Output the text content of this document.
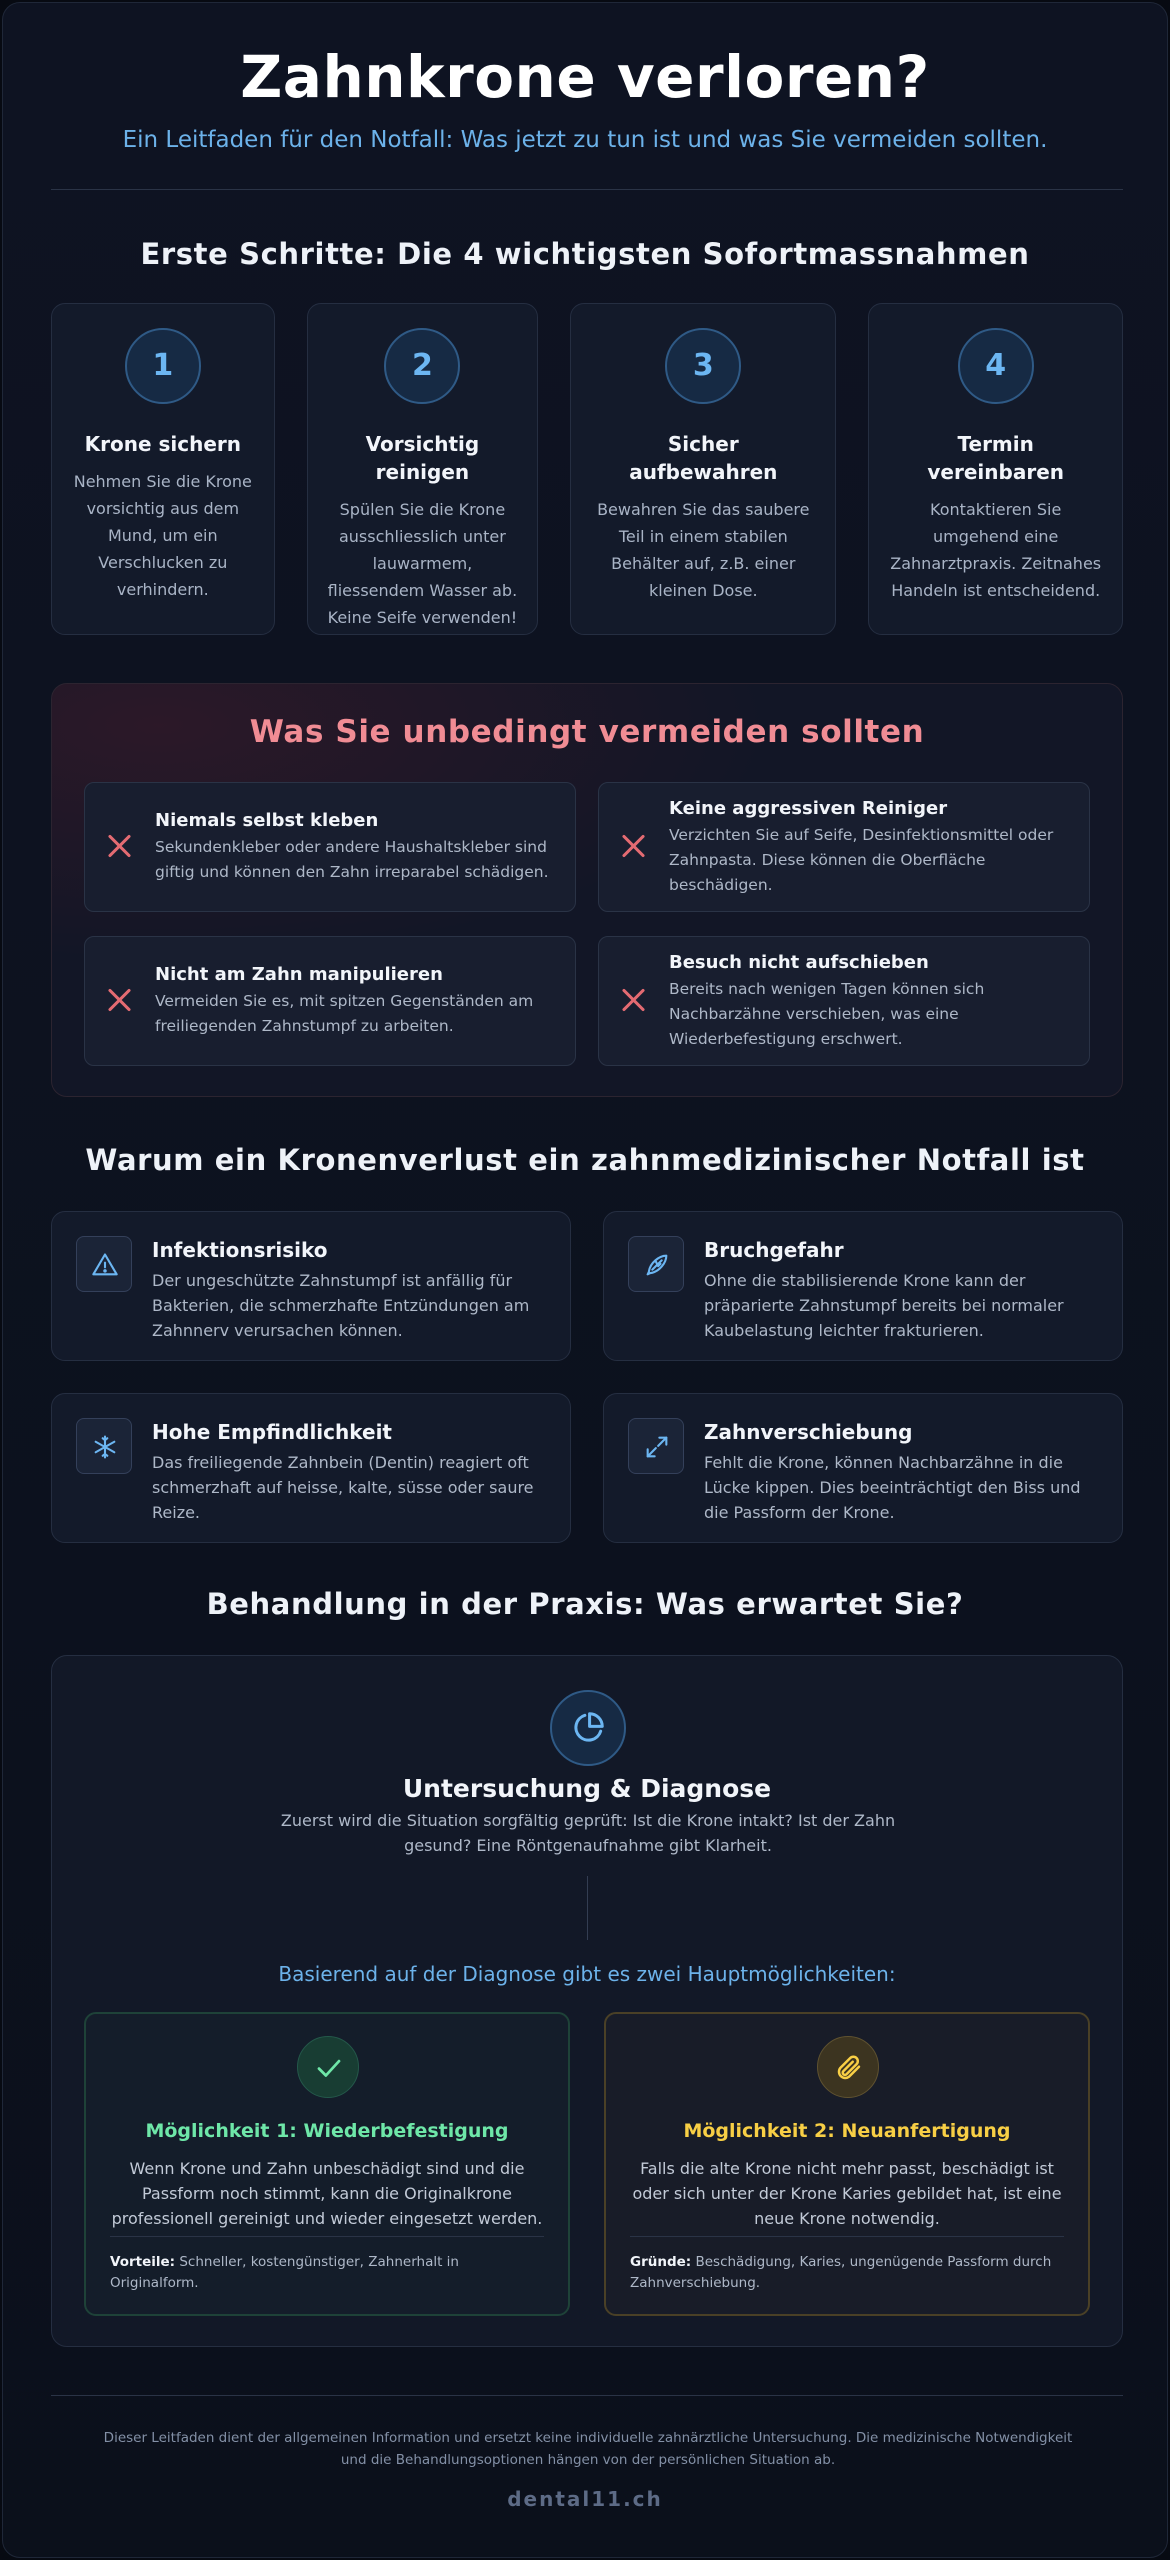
Zahnkrone verloren?

Ein Leitfaden für den Notfall: Was jetzt zu tun ist und was Sie vermeiden sollten.

Erste Schritte: Die 4 wichtigsten Sofortmassnahmen
1
Krone sichern
Nehmen Sie die Krone vorsichtig aus dem Mund, um ein Verschlucken zu verhindern.
2
Vorsichtig reinigen
Spülen Sie die Krone ausschliesslich unter lauwarmem, fliessendem Wasser ab. Keine Seife verwenden!
3
Sicher aufbewahren
Bewahren Sie das saubere Teil in einem stabilen Behälter auf, z.B. einer kleinen Dose.
4
Termin vereinbaren
Kontaktieren Sie umgehend eine Zahnarztpraxis. Zeitnahes Handeln ist entscheidend.
Was Sie unbedingt vermeiden sollten
Niemals selbst kleben
Sekundenkleber oder andere Haushaltskleber sind giftig und können den Zahn irreparabel schädigen.
Keine aggressiven Reiniger
Verzichten Sie auf Seife, Desinfektionsmittel oder Zahnpasta. Diese können die Oberfläche beschädigen.
Nicht am Zahn manipulieren
Vermeiden Sie es, mit spitzen Gegenständen am freiliegenden Zahnstumpf zu arbeiten.
Besuch nicht aufschieben
Bereits nach wenigen Tagen können sich Nachbarzähne verschieben, was eine Wiederbefestigung erschwert.
Warum ein Kronenverlust ein zahnmedizinischer Notfall ist
Infektionsrisiko
Der ungeschützte Zahnstumpf ist anfällig für Bakterien, die schmerzhafte Entzündungen am Zahnnerv verursachen können.
Bruchgefahr
Ohne die stabilisierende Krone kann der präparierte Zahnstumpf bereits bei normaler Kaubelastung leichter frakturieren.
Hohe Empfindlichkeit
Das freiliegende Zahnbein (Dentin) reagiert oft schmerzhaft auf heisse, kalte, süsse oder saure Reize.
Zahnverschiebung
Fehlt die Krone, können Nachbarzähne in die Lücke kippen. Dies beeinträchtigt den Biss und die Passform der Krone.
Behandlung in der Praxis: Was erwartet Sie?
Untersuchung & Diagnose
Zuerst wird die Situation sorgfältig geprüft: Ist die Krone intakt? Ist der Zahn gesund? Eine Röntgenaufnahme gibt Klarheit.
Basierend auf der Diagnose gibt es zwei Hauptmöglichkeiten:
Möglichkeit 1: Wiederbefestigung
Wenn Krone und Zahn unbeschädigt sind und die Passform noch stimmt, kann die Originalkrone professionell gereinigt und wieder eingesetzt werden.
Vorteile: Schneller, kostengünstiger, Zahnerhalt in Originalform.
Möglichkeit 2: Neuanfertigung
Falls die alte Krone nicht mehr passt, beschädigt ist oder sich unter der Krone Karies gebildet hat, ist eine neue Krone notwendig.
Gründe: Beschädigung, Karies, ungenügende Passform durch Zahnverschiebung.

Dieser Leitfaden dient der allgemeinen Information und ersetzt keine individuelle zahnärztliche Untersuchung. Die medizinische Notwendigkeit und die Behandlungsoptionen hängen von der persönlichen Situation ab.

dental11.ch
